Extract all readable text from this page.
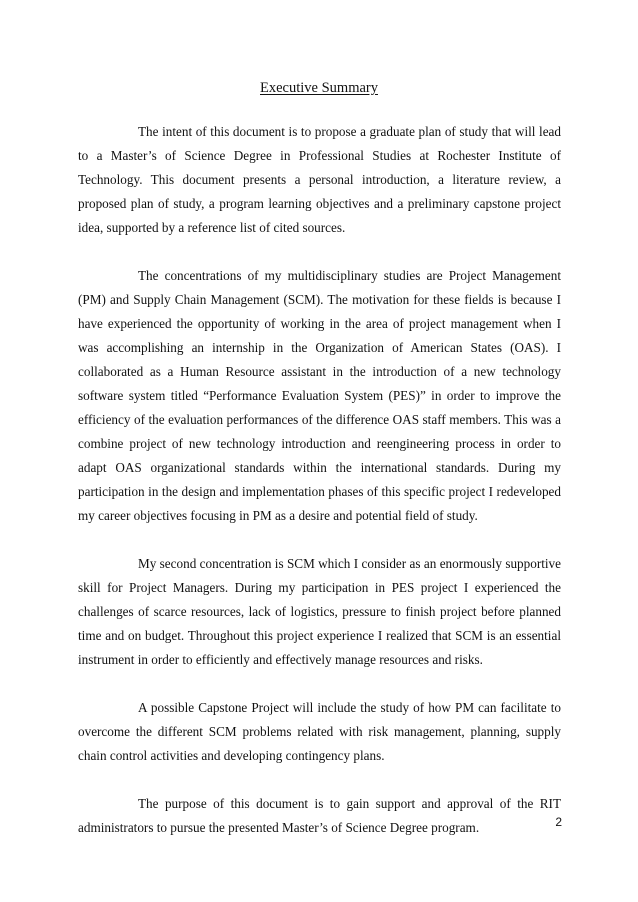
Executive Summary

The intent of this document is to propose a graduate plan of study that will lead to a Master’s of Science Degree in Professional Studies at Rochester Institute of Technology. This document presents a personal introduction, a literature review, a proposed plan of study, a program learning objectives and a preliminary capstone project idea, supported by a reference list of cited sources.

The concentrations of my multidisciplinary studies are Project Management (PM) and Supply Chain Management (SCM). The motivation for these fields is because I have experienced the opportunity of working in the area of project management when I was accomplishing an internship in the Organization of American States (OAS). I collaborated as a Human Resource assistant in the introduction of a new technology software system titled “Performance Evaluation System (PES)” in order to improve the efficiency of the evaluation performances of the difference OAS staff members. This was a combine project of new technology introduction and reengineering process in order to adapt OAS organizational standards within the international standards. During my participation in the design and implementation phases of this specific project I redeveloped my career objectives focusing in PM as a desire and potential field of study.

My second concentration is SCM which I consider as an enormously supportive skill for Project Managers. During my participation in PES project I experienced the challenges of scarce resources, lack of logistics, pressure to finish project before planned time and on budget. Throughout this project experience I realized that SCM is an essential instrument in order to efficiently and effectively manage resources and risks.

A possible Capstone Project will include the study of how PM can facilitate to overcome the different SCM problems related with risk management, planning, supply chain control activities and developing contingency plans.

The purpose of this document is to gain support and approval of the RIT administrators to pursue the presented Master’s of Science Degree program.	2
